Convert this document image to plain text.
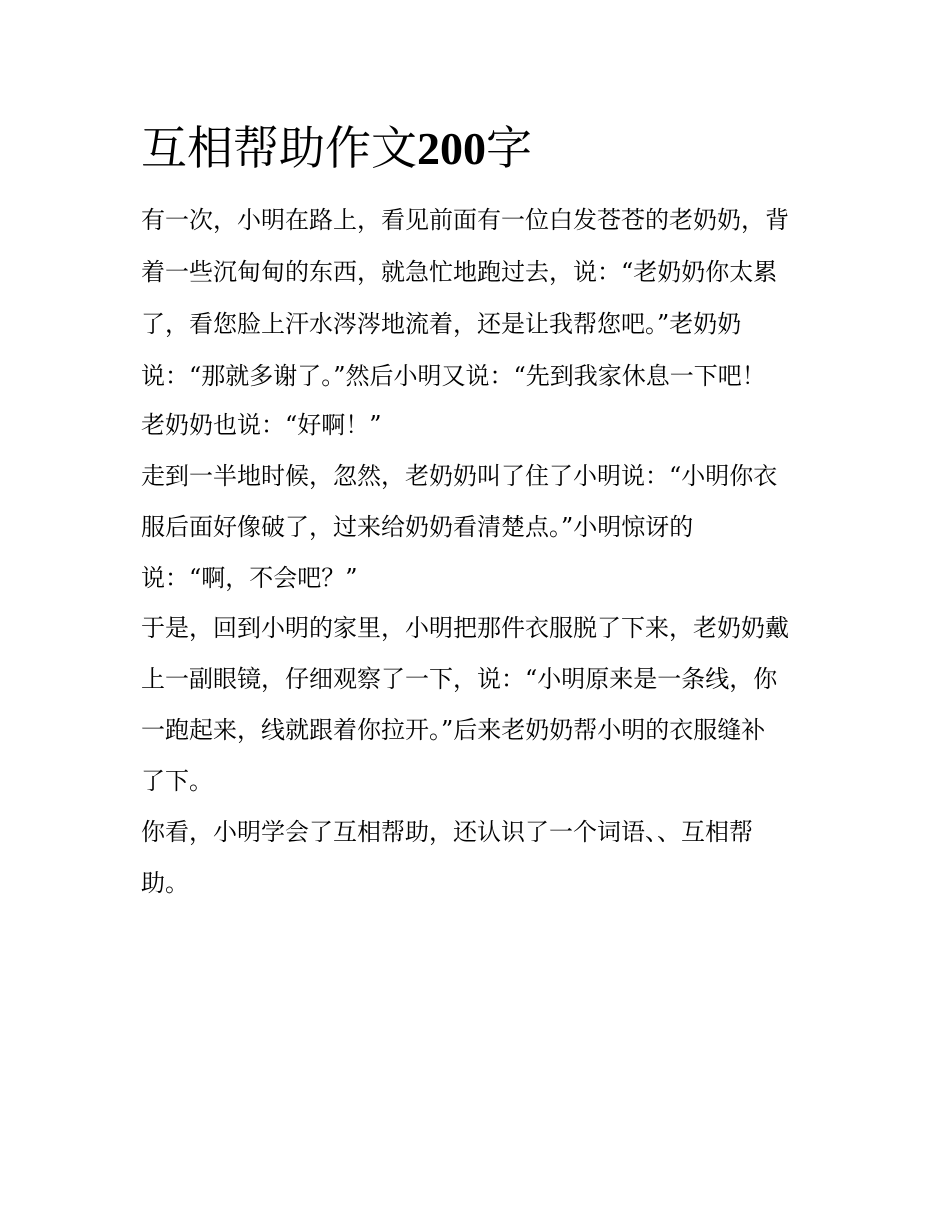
互相帮助作文200字

有一次，小明在路上，看见前面有一位白发苍苍的老奶奶，背

着一些沉甸甸的东西，就急忙地跑过去，说：“老奶奶你太累

了，看您脸上汗水涔涔地流着，还是让我帮您吧。”老奶奶

说：“那就多谢了。”然后小明又说：“先到我家休息一下吧！

老奶奶也说：“好啊！”

走到一半地时候，忽然，老奶奶叫了住了小明说：“小明你衣

服后面好像破了，过来给奶奶看清楚点。”小明惊讶的

说：“啊，不会吧？”

于是，回到小明的家里，小明把那件衣服脱了下来，老奶奶戴

上一副眼镜，仔细观察了一下，说：“小明原来是一条线，你

一跑起来，线就跟着你拉开。”后来老奶奶帮小明的衣服缝补

了下。

你看，小明学会了互相帮助，还认识了一个词语、、互相帮

助。
